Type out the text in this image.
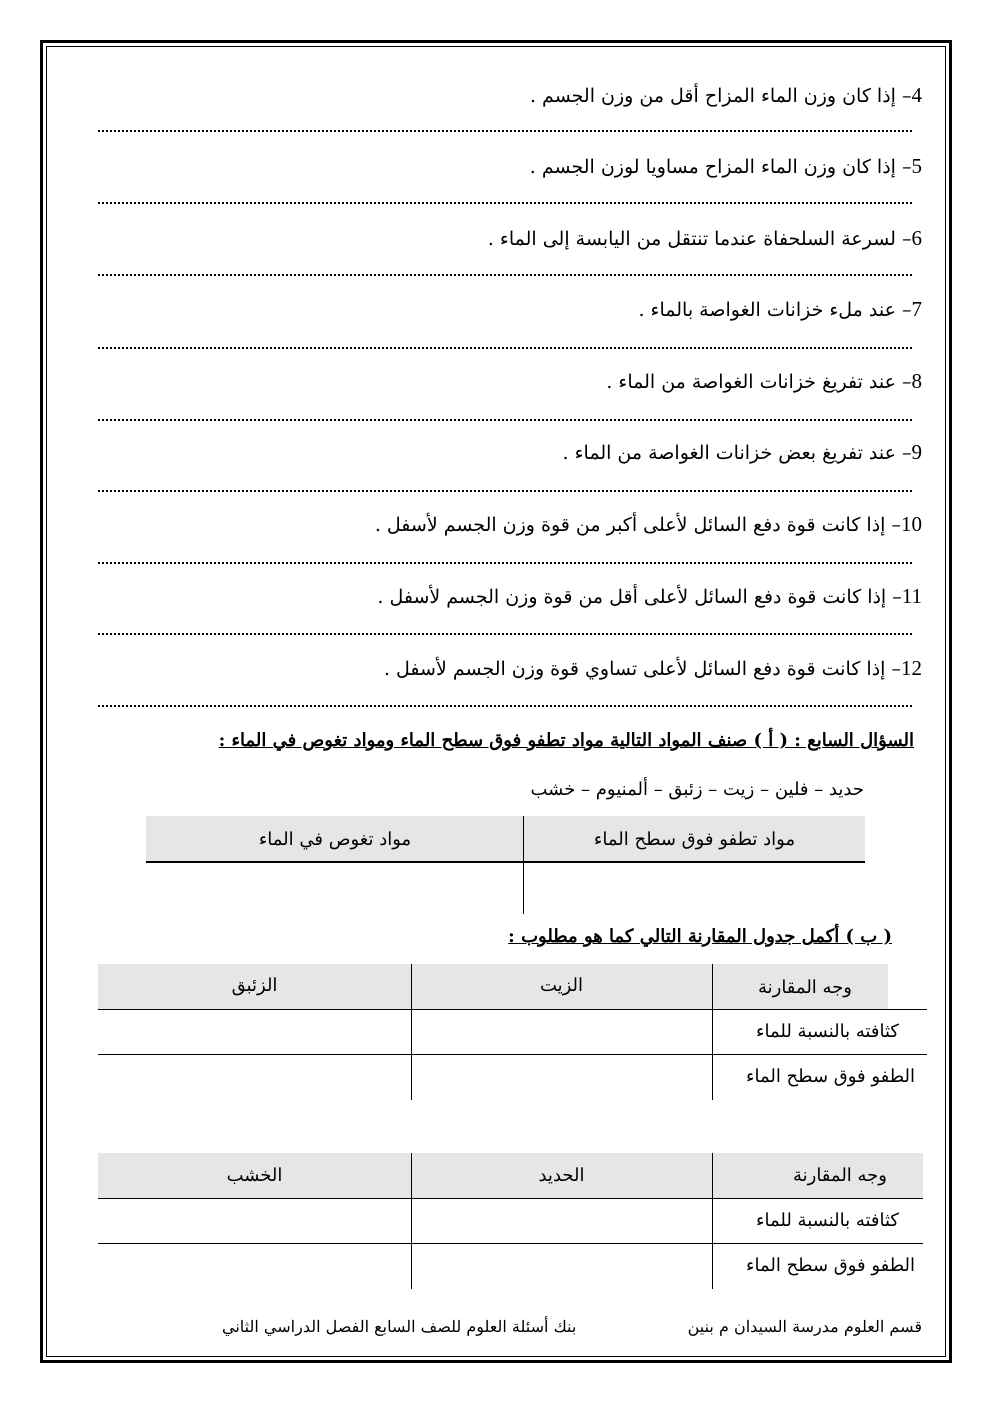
4– إذا كان وزن الماء المزاح أقل من وزن الجسم .
5– إذا كان وزن الماء المزاح مساويا لوزن الجسم .
6– لسرعة السلحفاة عندما تنتقل من اليابسة إلى الماء .
7– عند ملء خزانات الغواصة بالماء .
8– عند تفريغ خزانات الغواصة من الماء .
9– عند تفريغ بعض خزانات الغواصة من الماء .
10– إذا كانت قوة دفع السائل لأعلى أكبر من قوة وزن الجسم لأسفل .
11– إذا كانت قوة دفع السائل لأعلى أقل من قوة وزن الجسم لأسفل .
12– إذا كانت قوة دفع السائل لأعلى تساوي قوة وزن الجسم لأسفل .
السؤال السابع : ( أ ) صنف المواد التالية مواد تطفو فوق سطح الماء ومواد تغوص في الماء :
حديد – فلين – زيت – زئبق – ألمنيوم – خشب
مواد تطفو فوق سطح الماء
مواد تغوص في الماء
( ب ) أكمل جدول المقارنة التالي كما هو مطلوب :
وجه المقارنة
الزيت
الزئبق
كثافته بالنسبة للماء
الطفو فوق سطح الماء
وجه المقارنة
الحديد
الخشب
كثافته بالنسبة للماء
الطفو فوق سطح الماء
قسم العلوم مدرسة السيدان م بنين
بنك أسئلة العلوم للصف السابع الفصل الدراسي الثاني
